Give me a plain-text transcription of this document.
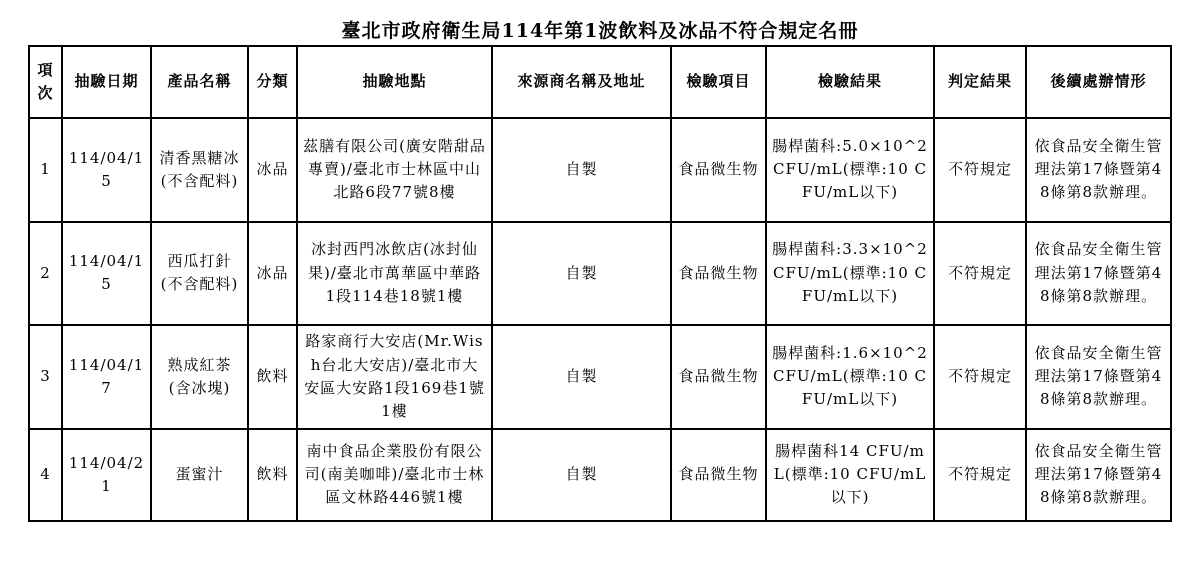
臺北市政府衛生局114年第1波飲料及冰品不符合規定名冊
項次	抽驗日期	產品名稱	分類	抽驗地點	來源商名稱及地址	檢驗項目	檢驗結果	判定結果	後續處辦情形
1	114/04/15	清香黑糖冰(不含配料)	冰品	茲膳有限公司(廣安階甜品專賣)/臺北市士林區中山北路6段77號8樓	自製	食品微生物	腸桿菌科:5.0×10^2 CFU/mL(標準:10 CFU/mL以下)	不符規定	依食品安全衛生管理法第17條暨第48條第8款辦理。
2	114/04/15	西瓜打針(不含配料)	冰品	冰封西門冰飲店(冰封仙果)/臺北市萬華區中華路1段114巷18號1樓	自製	食品微生物	腸桿菌科:3.3×10^2 CFU/mL(標準:10 CFU/mL以下)	不符規定	依食品安全衛生管理法第17條暨第48條第8款辦理。
3	114/04/17	熟成紅茶(含冰塊)	飲料	路家商行大安店(Mr.Wish台北大安店)/臺北市大安區大安路1段169巷1號1樓	自製	食品微生物	腸桿菌科:1.6×10^2 CFU/mL(標準:10 CFU/mL以下)	不符規定	依食品安全衛生管理法第17條暨第48條第8款辦理。
4	114/04/21	蛋蜜汁	飲料	南中食品企業股份有限公司(南美咖啡)/臺北市士林區文林路446號1樓	自製	食品微生物	腸桿菌科14 CFU/mL(標準:10 CFU/mL以下)	不符規定	依食品安全衛生管理法第17條暨第48條第8款辦理。
